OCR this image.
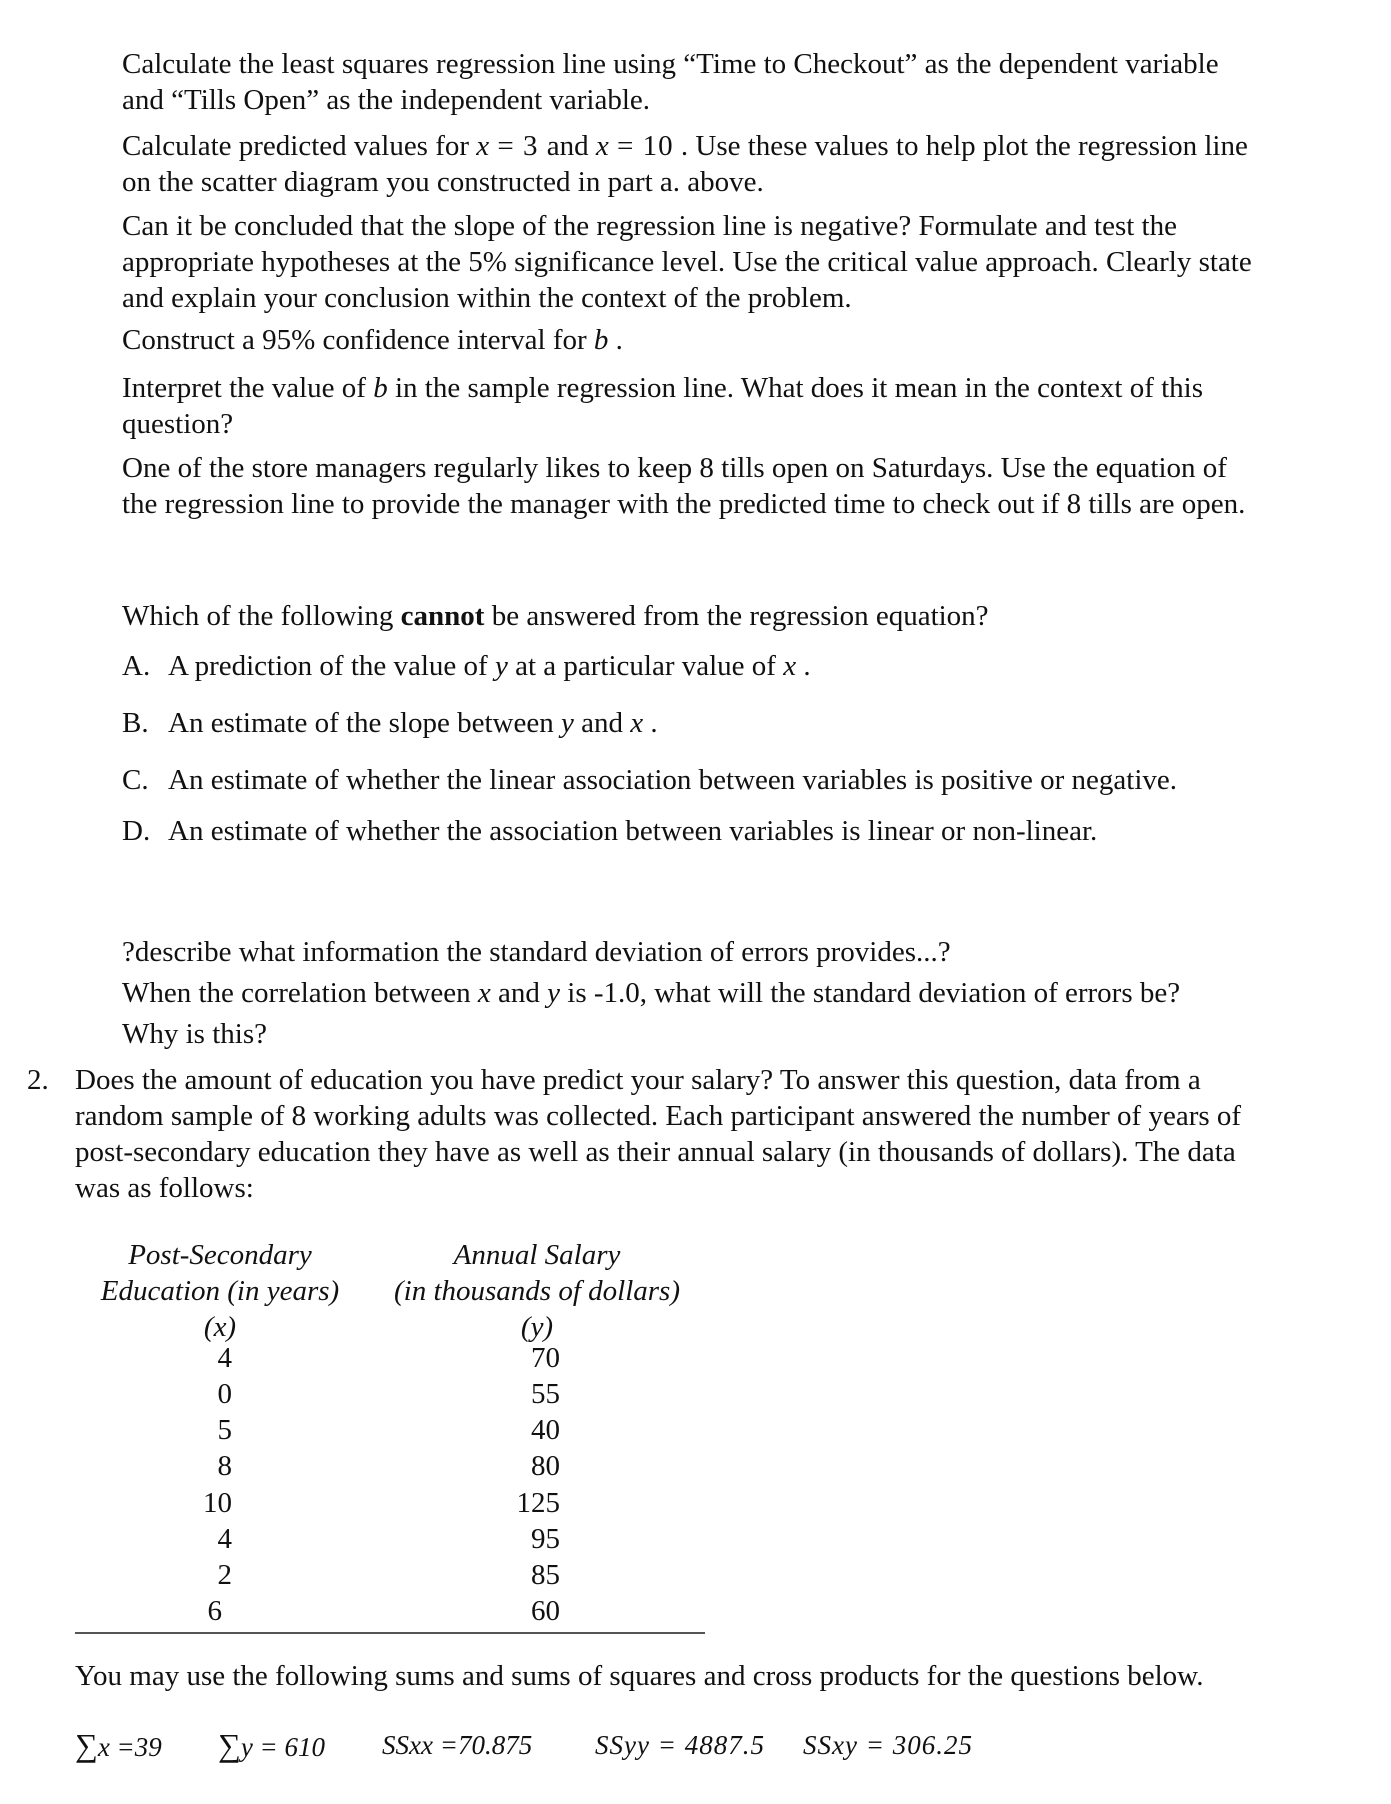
Calculate the least squares regression line using “Time to Checkout” as the dependent variable
and “Tills Open” as the independent variable.
Calculate predicted values for x = 3 and x = 10 . Use these values to help plot the regression line
on the scatter diagram you constructed in part a. above.
Can it be concluded that the slope of the regression line is negative? Formulate and test the
appropriate hypotheses at the 5% significance level. Use the critical value approach. Clearly state
and explain your conclusion within the context of the problem.
Construct a 95% confidence interval for b .
Interpret the value of b in the sample regression line. What does it mean in the context of this
question?
One of the store managers regularly likes to keep 8 tills open on Saturdays. Use the equation of
the regression line to provide the manager with the predicted time to check out if 8 tills are open.
Which of the following cannot be answered from the regression equation?
A. A prediction of the value of y at a particular value of x .
B. An estimate of the slope between y and x .
C. An estimate of whether the linear association between variables is positive or negative.
D. An estimate of whether the association between variables is linear or non-linear.
?describe what information the standard deviation of errors provides...?
When the correlation between x and y is -1.0, what will the standard deviation of errors be?
Why is this?
2. Does the amount of education you have predict your salary? To answer this question, data from a
random sample of 8 working adults was collected. Each participant answered the number of years of
post-secondary education they have as well as their annual salary (in thousands of dollars). The data
was as follows:
Post-Secondary
Education (in years)
(x)
Annual Salary
(in thousands of dollars)
(y)
4	70
0	55
5	40
8	80
10	125
4	95
2	85
6	60
You may use the following sums and sums of squares and cross products for the questions below.
∑x =39 ∑y = 610 SSxx =70.875 SSyy = 4887.5 SSxy = 306.25
